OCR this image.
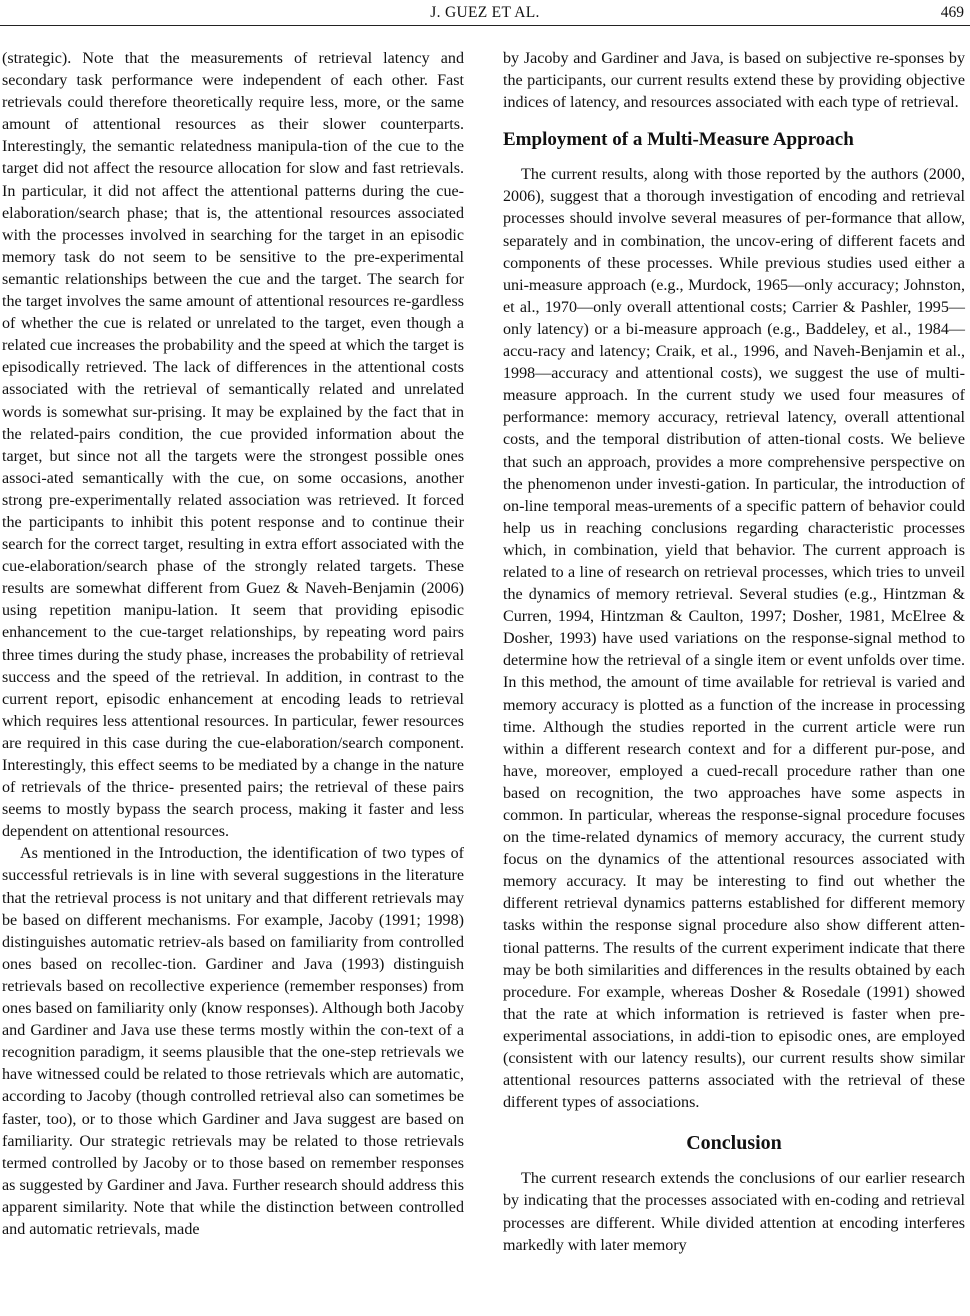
J. GUEZ ET AL.	469

(strategic). Note that the measurements of retrieval latency and secondary task performance were independent of each other. Fast retrievals could therefore theoretically require less, more, or the same amount of attentional resources as their slower counterparts. Interestingly, the semantic relatedness manipula-tion of the cue to the target did not affect the resource allocation for slow and fast retrievals. In particular, it did not affect the attentional patterns during the cue-elaboration/search phase; that is, the attentional resources associated with the processes involved in searching for the target in an episodic memory task do not seem to be sensitive to the pre-experimental semantic relationships between the cue and the target. The search for the target involves the same amount of attentional resources re-gardless of whether the cue is related or unrelated to the target, even though a related cue increases the probability and the speed at which the target is episodically retrieved. The lack of differences in the attentional costs associated with the retrieval of semantically related and unrelated words is somewhat sur-prising. It may be explained by the fact that in the related-pairs condition, the cue provided information about the target, but since not all the targets were the strongest possible ones associ-ated semantically with the cue, on some occasions, another strong pre-experimentally related association was retrieved. It forced the participants to inhibit this potent response and to continue their search for the correct target, resulting in extra effort associated with the cue-elaboration/search phase of the strongly related targets. These results are somewhat different from Guez & Naveh-Benjamin (2006) using repetition manipu-lation. It seem that providing episodic enhancement to the cue-target relationships, by repeating word pairs three times during the study phase, increases the probability of retrieval success and the speed of the retrieval. In addition, in contrast to the current report, episodic enhancement at encoding leads to retrieval which requires less attentional resources. In particular, fewer resources are required in this case during the cue-elaboration/search component. Interestingly, this effect seems to be mediated by a change in the nature of retrievals of the thrice- presented pairs; the retrieval of these pairs seems to mostly bypass the search process, making it faster and less dependent on attentional resources.

As mentioned in the Introduction, the identification of two types of successful retrievals is in line with several suggestions in the literature that the retrieval process is not unitary and that different retrievals may be based on different mechanisms. For example, Jacoby (1991; 1998) distinguishes automatic retriev-als based on familiarity from controlled ones based on recollec-tion. Gardiner and Java (1993) distinguish retrievals based on recollective experience (remember responses) from ones based on familiarity only (know responses). Although both Jacoby and Gardiner and Java use these terms mostly within the con-text of a recognition paradigm, it seems plausible that the one-step retrievals we have witnessed could be related to those retrievals which are automatic, according to Jacoby (though controlled retrieval also can sometimes be faster, too), or to those which Gardiner and Java suggest are based on familiarity. Our strategic retrievals may be related to those retrievals termed controlled by Jacoby or to those based on remember responses as suggested by Gardiner and Java. Further research should address this apparent similarity. Note that while the distinction between controlled and automatic retrievals, made

by Jacoby and Gardiner and Java, is based on subjective re-sponses by the participants, our current results extend these by providing objective indices of latency, and resources associated with each type of retrieval.

Employment of a Multi-Measure Approach

The current results, along with those reported by the authors (2000, 2006), suggest that a thorough investigation of encoding and retrieval processes should involve several measures of per-formance that allow, separately and in combination, the uncov-ering of different facets and components of these processes. While previous studies used either a uni-measure approach (e.g., Murdock, 1965—only accuracy; Johnston, et al., 1970—only overall attentional costs; Carrier & Pashler, 1995—only latency) or a bi-measure approach (e.g., Baddeley, et al., 1984—accu-racy and latency; Craik, et al., 1996, and Naveh-Benjamin et al., 1998—accuracy and attentional costs), we suggest the use of multi-measure approach. In the current study we used four measures of performance: memory accuracy, retrieval latency, overall attentional costs, and the temporal distribution of atten-tional costs. We believe that such an approach, provides a more comprehensive perspective on the phenomenon under investi-gation. In particular, the introduction of on-line temporal meas-urements of a specific pattern of behavior could help us in reaching conclusions regarding characteristic processes which, in combination, yield that behavior. The current approach is related to a line of research on retrieval processes, which tries to unveil the dynamics of memory retrieval. Several studies (e.g., Hintzman & Curren, 1994, Hintzman & Caulton, 1997; Dosher, 1981, McElree & Dosher, 1993) have used variations on the response-signal method to determine how the retrieval of a single item or event unfolds over time. In this method, the amount of time available for retrieval is varied and memory accuracy is plotted as a function of the increase in processing time. Although the studies reported in the current article were run within a different research context and for a different pur-pose, and have, moreover, employed a cued-recall procedure rather than one based on recognition, the two approaches have some aspects in common. In particular, whereas the response-signal procedure focuses on the time-related dynamics of memory accuracy, the current study focus on the dynamics of the attentional resources associated with memory accuracy. It may be interesting to find out whether the different retrieval dynamics patterns established for different memory tasks within the response signal procedure also show different atten-tional patterns. The results of the current experiment indicate that there may be both similarities and differences in the results obtained by each procedure. For example, whereas Dosher & Rosedale (1991) showed that the rate at which information is retrieved is faster when pre-experimental associations, in addi-tion to episodic ones, are employed (consistent with our latency results), our current results show similar attentional resources patterns associated with the retrieval of these different types of associations.

Conclusion

The current research extends the conclusions of our earlier research by indicating that the processes associated with en-coding and retrieval processes are different. While divided attention at encoding interferes markedly with later memory
